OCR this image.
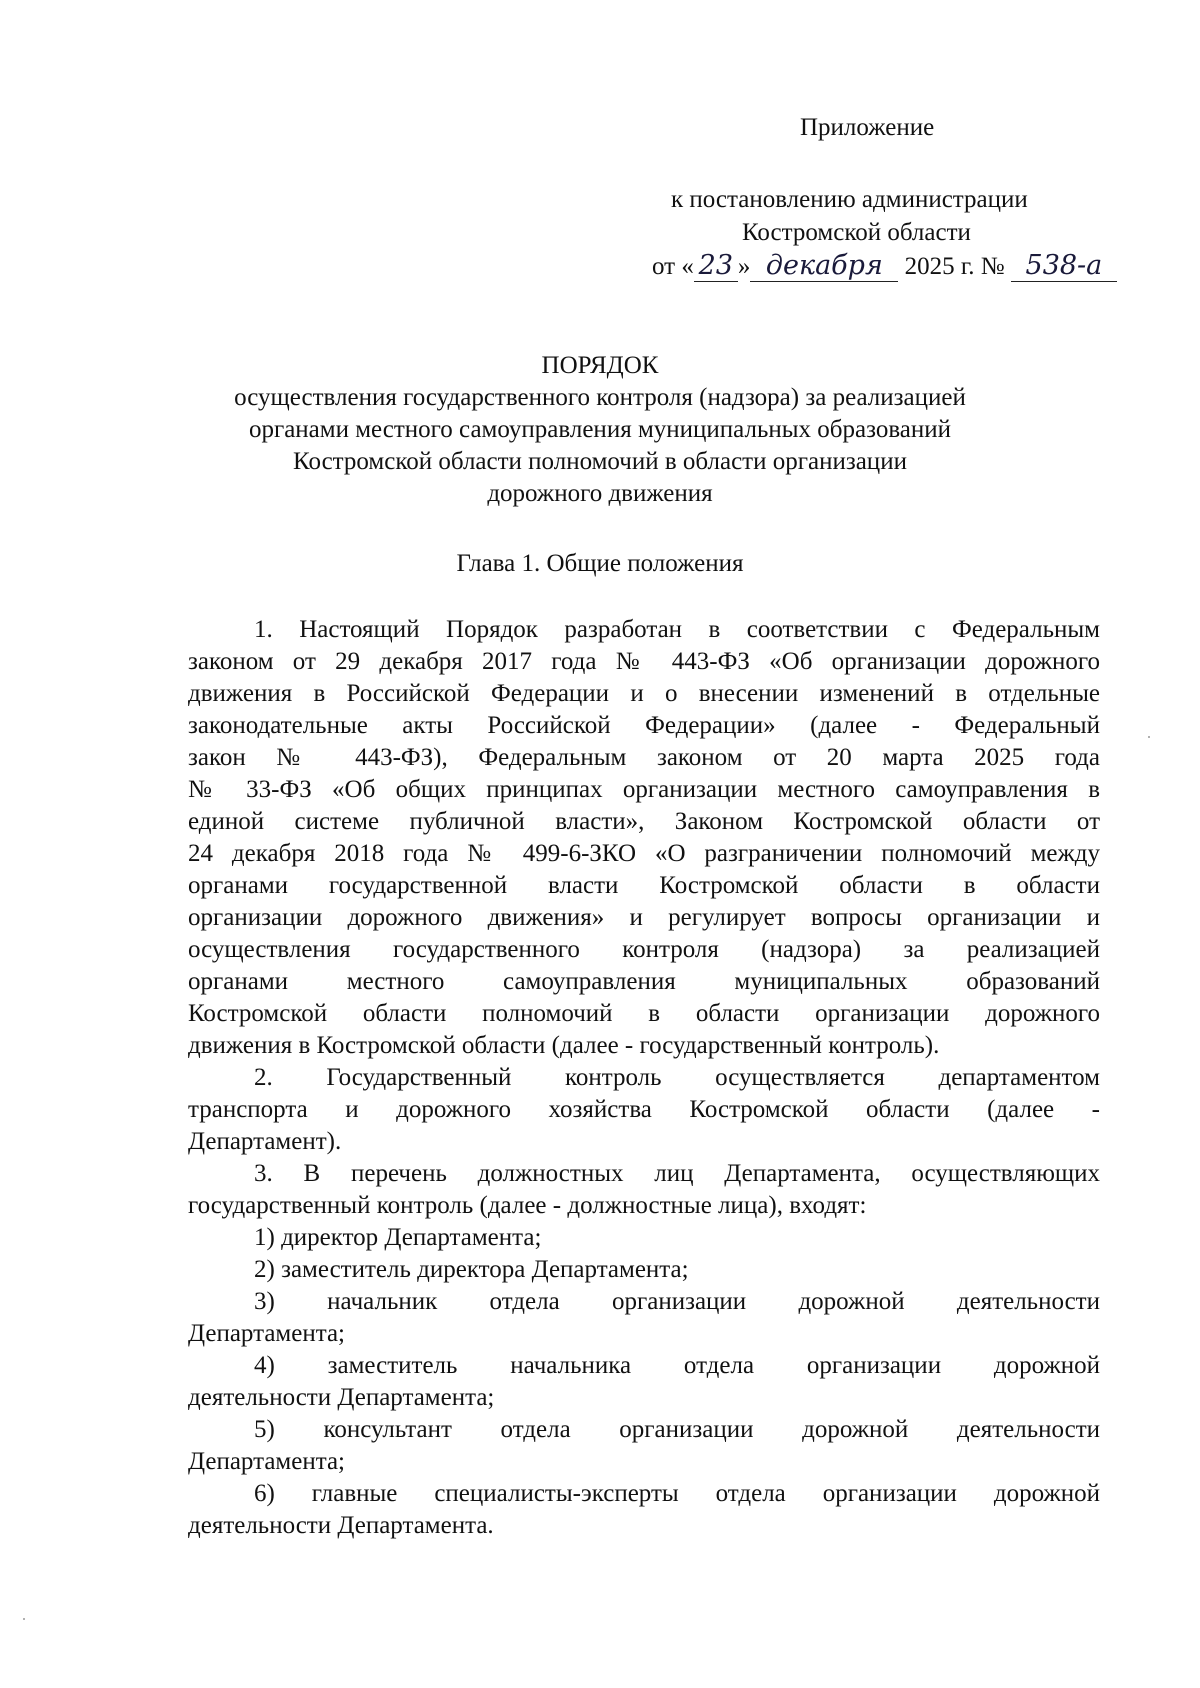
Приложение
к постановлению администрации
Костромской области
от « 23 » декабря 2025 г. № 538-а
ПОРЯДОК
осуществления государственного контроля (надзора) за реализацией
органами местного самоуправления муниципальных образований
Костромской области полномочий в области организации
дорожного движения
Глава 1. Общие положения
1. Настоящий Порядок разработан в соответствии с Федеральным
законом от 29 декабря 2017 года № 443-ФЗ «Об организации дорожного
движения в Российской Федерации и о внесении изменений в отдельные
законодательные акты Российской Федерации» (далее - Федеральный
закон № 443-ФЗ), Федеральным законом от 20 марта 2025 года
№ 33-ФЗ «Об общих принципах организации местного самоуправления в
единой системе публичной власти», Законом Костромской области от
24 декабря 2018 года № 499-6-ЗКО «О разграничении полномочий между
органами государственной власти Костромской области в области
организации дорожного движения» и регулирует вопросы организации и
осуществления государственного контроля (надзора) за реализацией
органами местного самоуправления муниципальных образований
Костромской области полномочий в области организации дорожного
движения в Костромской области (далее - государственный контроль).
2. Государственный контроль осуществляется департаментом
транспорта и дорожного хозяйства Костромской области (далее -
Департамент).
3. В перечень должностных лиц Департамента, осуществляющих
государственный контроль (далее - должностные лица), входят:
1) директор Департамента;
2) заместитель директора Департамента;
3) начальник отдела организации дорожной деятельности
Департамента;
4) заместитель начальника отдела организации дорожной
деятельности Департамента;
5) консультант отдела организации дорожной деятельности
Департамента;
6) главные специалисты-эксперты отдела организации дорожной
деятельности Департамента.
